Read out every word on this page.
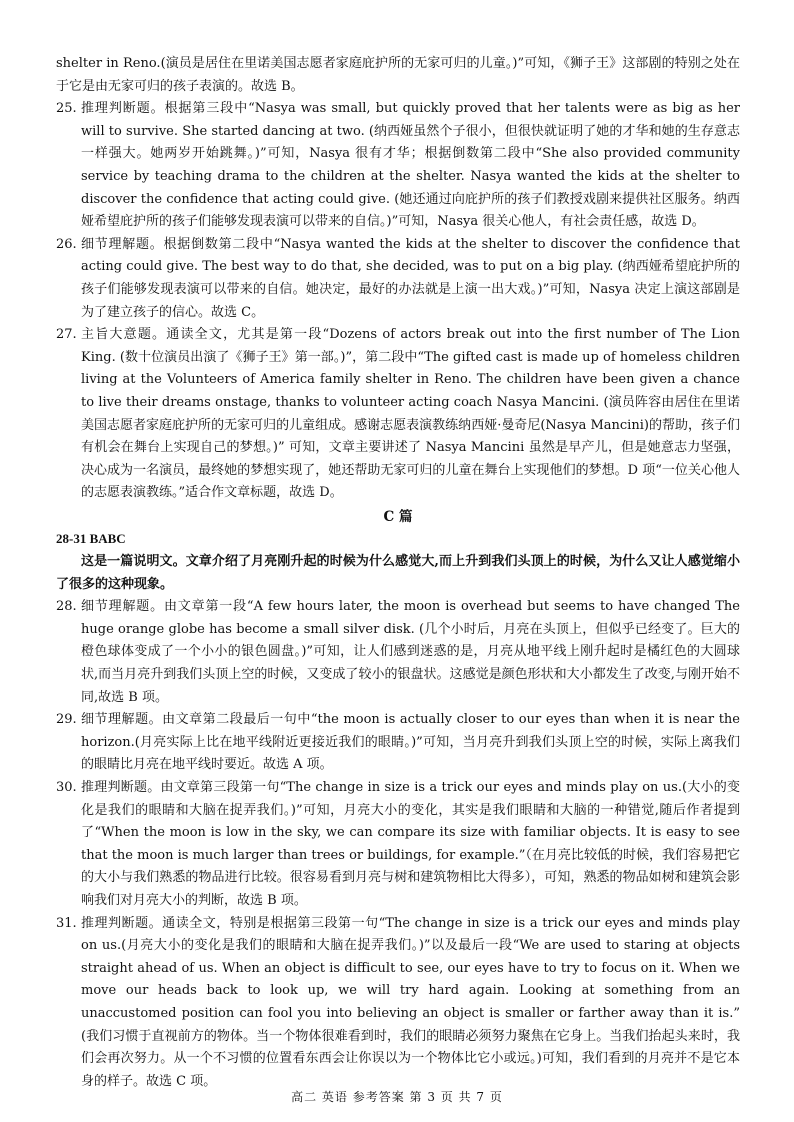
shelter in Reno.(演员是居住在里诺美国志愿者家庭庇护所的无家可归的儿童。)”可知，《狮子王》这部剧的特别之处在于它是由无家可归的孩子表演的。故选 B。

25. 推理判断题。根据第三段中“Nasya was small, but quickly proved that her talents were as big as her will to survive. She started dancing at two. (纳西娅虽然个子很小，但很快就证明了她的才华和她的生存意志一样强大。她两岁开始跳舞。)”可知，Nasya 很有才华；根据倒数第二段中“She also provided community service by teaching drama to the children at the shelter. Nasya wanted the kids at the shelter to discover the confidence that acting could give. (她还通过向庇护所的孩子们教授戏剧来提供社区服务。纳西娅希望庇护所的孩子们能够发现表演可以带来的自信。)”可知，Nasya 很关心他人，有社会责任感，故选 D。
26. 细节理解题。根据倒数第二段中“Nasya wanted the kids at the shelter to discover the confidence that acting could give. The best way to do that, she decided, was to put on a big play. (纳西娅希望庇护所的孩子们能够发现表演可以带来的自信。她决定，最好的办法就是上演一出大戏。)”可知，Nasya 决定上演这部剧是为了建立孩子的信心。故选 C。
27. 主旨大意题。通读全文，尤其是第一段“Dozens of actors break out into the first number of The Lion King. (数十位演员出演了《狮子王》第一部。)”，第二段中“The gifted cast is made up of homeless children living at the Volunteers of America family shelter in Reno. The children have been given a chance to live their dreams onstage, thanks to volunteer acting coach Nasya Mancini. (演员阵容由居住在里诺美国志愿者家庭庇护所的无家可归的儿童组成。感谢志愿表演教练纳西娅·曼奇尼(Nasya Mancini)的帮助，孩子们有机会在舞台上实现自己的梦想。)” 可知，文章主要讲述了 Nasya Mancini 虽然是早产儿，但是她意志力坚强，决心成为一名演员，最终她的梦想实现了，她还帮助无家可归的儿童在舞台上实现他们的梦想。D 项“一位关心他人的志愿表演教练。”适合作文章标题，故选 D。
C 篇

28-31 BABC

这是一篇说明文。文章介绍了月亮刚升起的时候为什么感觉大,而上升到我们头顶上的时候，为什么又让人感觉缩小了很多的这种现象。

28. 细节理解题。由文章第一段“A few hours later, the moon is overhead but seems to have changed The huge orange globe has become a small silver disk. (几个小时后，月亮在头顶上，但似乎已经变了。巨大的橙色球体变成了一个小小的银色圆盘。)”可知，让人们感到迷惑的是，月亮从地平线上刚升起时是橘红色的大圆球状,而当月亮升到我们头顶上空的时候，又变成了较小的银盘状。这感觉是颜色形状和大小都发生了改变,与刚开始不同,故选 B 项。
29. 细节理解题。由文章第二段最后一句中“the moon is actually closer to our eyes than when it is near the horizon.(月亮实际上比在地平线附近更接近我们的眼睛。)”可知，当月亮升到我们头顶上空的时候，实际上离我们的眼睛比月亮在地平线时要近。故选 A 项。
30. 推理判断题。由文章第三段第一句“The change in size is a trick our eyes and minds play on us.(大小的变化是我们的眼睛和大脑在捉弄我们。)”可知，月亮大小的变化，其实是我们眼睛和大脑的一种错觉,随后作者提到了“When the moon is low in the sky, we can compare its size with familiar objects. It is easy to see that the moon is much larger than trees or buildings, for example.”（在月亮比较低的时候，我们容易把它的大小与我们熟悉的物品进行比较。很容易看到月亮与树和建筑物相比大得多），可知，熟悉的物品如树和建筑会影响我们对月亮大小的判断，故选 B 项。
31. 推理判断题。通读全文，特别是根据第三段第一句“The change in size is a trick our eyes and minds play on us.(月亮大小的变化是我们的眼睛和大脑在捉弄我们。)”以及最后一段“We are used to staring at objects straight ahead of us. When an object is difficult to see, our eyes have to try to focus on it. When we move our heads back to look up, we will try hard again. Looking at something from an unaccustomed position can fool you into believing an object is smaller or farther away than it is.” (我们习惯于直视前方的物体。当一个物体很难看到时，我们的眼睛必须努力聚焦在它身上。当我们抬起头来时，我们会再次努力。从一个不习惯的位置看东西会让你误以为一个物体比它小或远。)可知，我们看到的月亮并不是它本身的样子。故选 C 项。
高二 英语 参考答案 第 3 页 共 7 页
